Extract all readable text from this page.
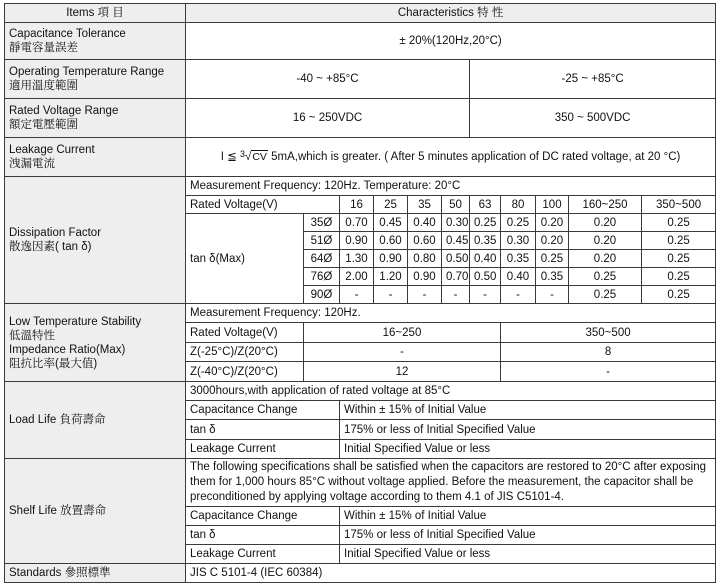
Items 項 目	Characteristics 特 性										

Capacitance Tolerance
靜電容量誤差	± 20%(120Hz,20°C)										

Operating Temperature Range
適用溫度範圍	-40 ~ +85°C						-25 ~ +85°C				

Rated Voltage Range
額定電壓範圍	16 ~ 250VDC						350 ~ 500VDC				

Leakage Current
洩漏電流	I ≦ $^3$√CV 5mA,which is greater. ( After 5 minutes application of DC rated voltage, at 20 °C)										

Dissipation Factor
散逸因素( tan δ)	Measurement Frequency: 120Hz. Temperature: 20°C										
	Rated Voltage(V)		16	25	35	50	63	80	100	160~250	350~500
	tan δ(Max)	35Ø	0.70	0.45	0.40	0.30	0.25	0.25	0.20	0.20	0.25
		51Ø	0.90	0.60	0.60	0.45	0.35	0.30	0.20	0.20	0.25
		64Ø	1.30	0.90	0.80	0.50	0.40	0.35	0.25	0.20	0.25
		76Ø	2.00	1.20	0.90	0.70	0.50	0.40	0.35	0.25	0.25
		90Ø	-	-	-	-	-	-	-	0.25	0.25

Low Temperature Stability
低溫特性
Impedance Ratio(Max)
阻抗比率(最大值)	Measurement Frequency: 120Hz.										
	Rated Voltage(V)	16~250						350~500			
	Z(-25°C)/Z(20°C)	-						8			
	Z(-40°C)/Z(20°C)	12						-			
Load Life 負荷壽命	3000hours,with application of rated voltage at 85°C										
	Capacitance Change		Within ± 15% of Initial Value								
	tan δ		175% or less of Initial Specified Value								
	Leakage Current		Initial Specified Value or less								
Shelf Life 放置壽命	The following specifications shall be satisfied when the capacitors are restored to 20°C after exposing them for 1,000 hours 85°C without voltage applied. Before the measurement, the capacitor shall be preconditioned by applying voltage according to them 4.1 of JIS C5101-4.										
	Capacitance Change		Within ± 15% of Initial Value								
	tan δ		175% or less of Initial Specified Value								
	Leakage Current		Initial Specified Value or less								
Standards 參照標準	JIS C 5101-4 (IEC 60384)										
